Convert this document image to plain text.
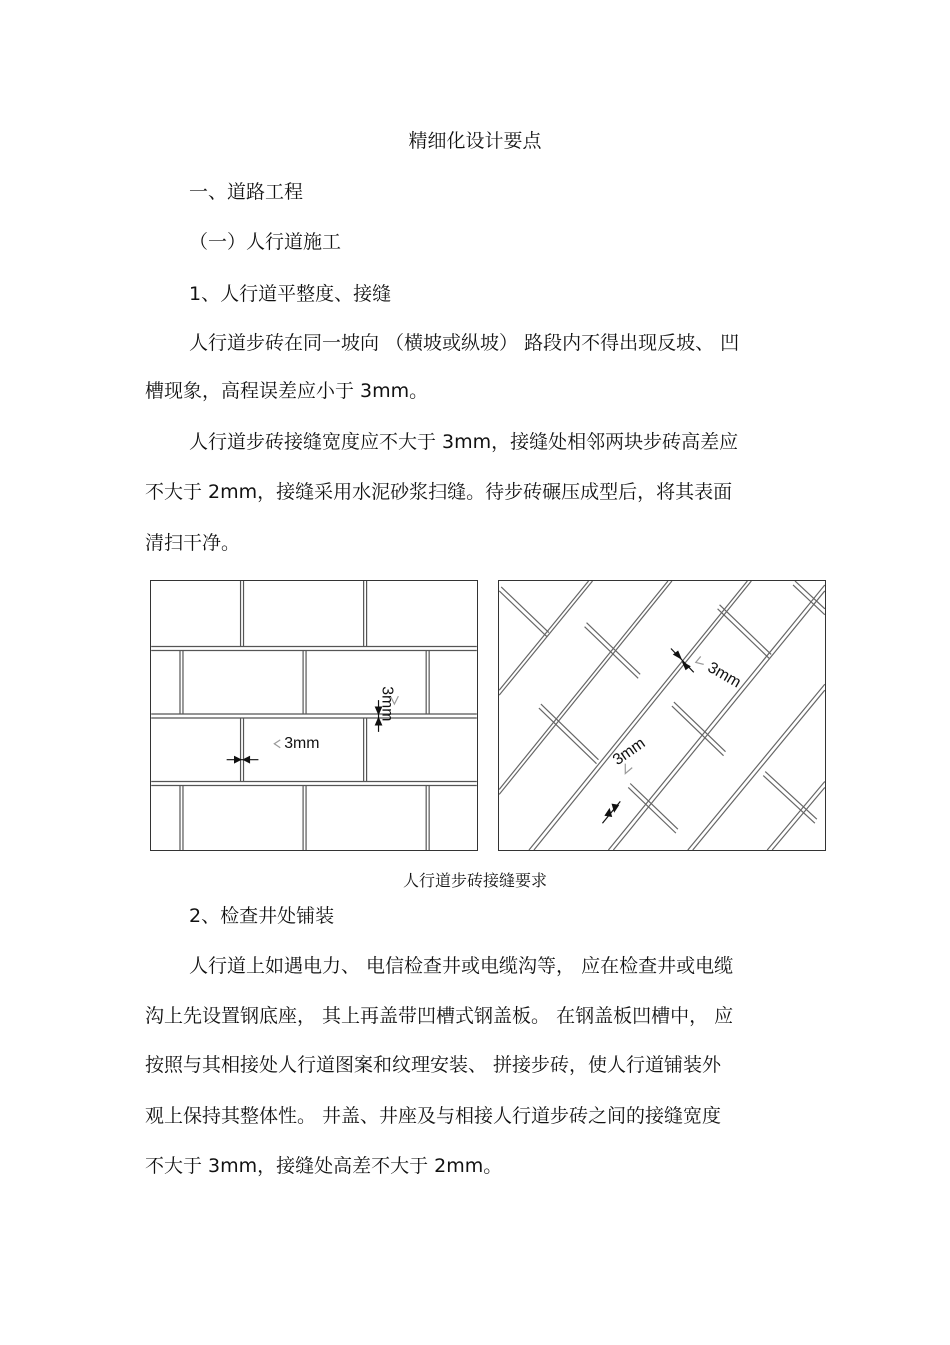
精细化设计要点
一、道路工程
（一）人行道施工
1、人行道平整度、接缝
人行道步砖在同一坡向 （横坡或纵坡） 路段内不得出现反坡、 凹
槽现象，高程误差应小于 3mm。
人行道步砖接缝宽度应不大于 3mm，接缝处相邻两块步砖高差应
不大于 2mm，接缝采用水泥砂浆扫缝。待步砖碾压成型后，将其表面
清扫干净。
3mm
3mm
3mm
3mm
人行道步砖接缝要求
2、检查井处铺装
人行道上如遇电力、 电信检查井或电缆沟等， 应在检查井或电缆
沟上先设置钢底座， 其上再盖带凹槽式钢盖板。 在钢盖板凹槽中， 应
按照与其相接处人行道图案和纹理安装、 拼接步砖，使人行道铺装外
观上保持其整体性。 井盖、井座及与相接人行道步砖之间的接缝宽度
不大于 3mm，接缝处高差不大于 2mm。
